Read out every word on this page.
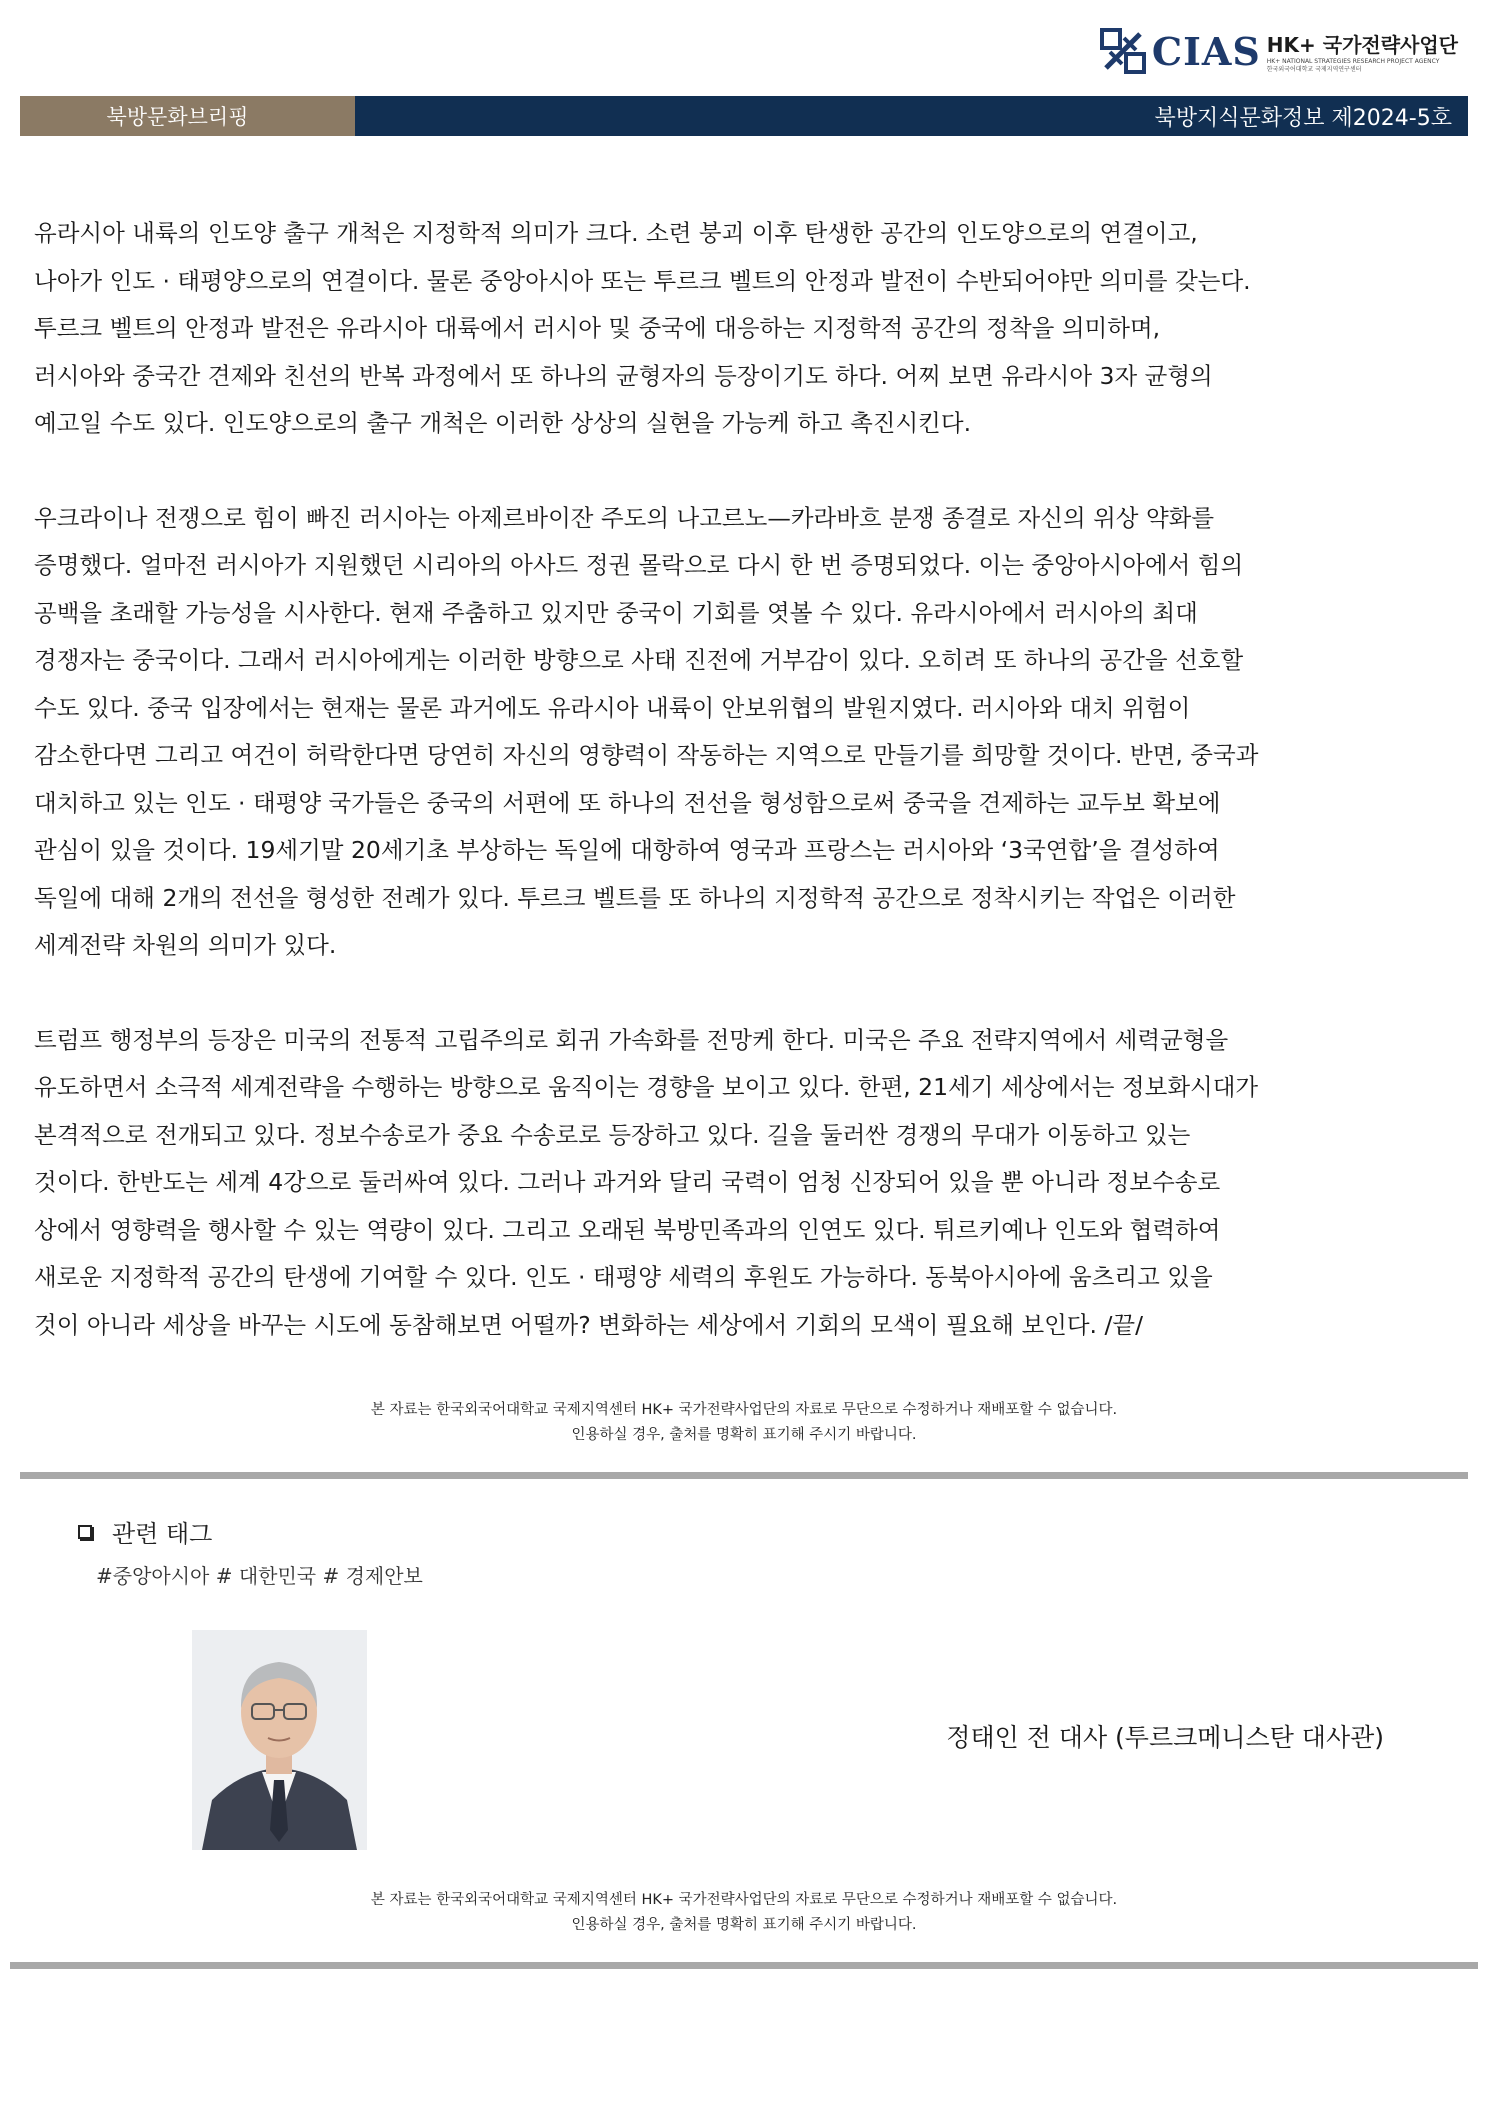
CIAS HK+ 국가전략사업단
HK+ NATIONAL STRATEGIES RESEARCH PROJECT AGENCY
한국외국어대학교 국제지역연구센터
북방문화브리핑	북방지식문화정보 제2024-5호

유라시아 내륙의 인도양 출구 개척은 지정학적 의미가 크다. 소련 붕괴 이후 탄생한 공간의 인도양으로의 연결이고,
나아가 인도 · 태평양으로의 연결이다. 물론 중앙아시아 또는 투르크 벨트의 안정과 발전이 수반되어야만 의미를 갖는다.
투르크 벨트의 안정과 발전은 유라시아 대륙에서 러시아 및 중국에 대응하는 지정학적 공간의 정착을 의미하며,
러시아와 중국간 견제와 친선의 반복 과정에서 또 하나의 균형자의 등장이기도 하다. 어찌 보면 유라시아 3자 균형의
예고일 수도 있다. 인도양으로의 출구 개척은 이러한 상상의 실현을 가능케 하고 촉진시킨다.

우크라이나 전쟁으로 힘이 빠진 러시아는 아제르바이잔 주도의 나고르노—카라바흐 분쟁 종결로 자신의 위상 약화를
증명했다. 얼마전 러시아가 지원했던 시리아의 아사드 정권 몰락으로 다시 한 번 증명되었다. 이는 중앙아시아에서 힘의
공백을 초래할 가능성을 시사한다. 현재 주춤하고 있지만 중국이 기회를 엿볼 수 있다. 유라시아에서 러시아의 최대
경쟁자는 중국이다. 그래서 러시아에게는 이러한 방향으로 사태 진전에 거부감이 있다. 오히려 또 하나의 공간을 선호할
수도 있다. 중국 입장에서는 현재는 물론 과거에도 유라시아 내륙이 안보위협의 발원지였다. 러시아와 대치 위험이
감소한다면 그리고 여건이 허락한다면 당연히 자신의 영향력이 작동하는 지역으로 만들기를 희망할 것이다. 반면, 중국과
대치하고 있는 인도 · 태평양 국가들은 중국의 서편에 또 하나의 전선을 형성함으로써 중국을 견제하는 교두보 확보에
관심이 있을 것이다. 19세기말 20세기초 부상하는 독일에 대항하여 영국과 프랑스는 러시아와 ‘3국연합’을 결성하여
독일에 대해 2개의 전선을 형성한 전례가 있다. 투르크 벨트를 또 하나의 지정학적 공간으로 정착시키는 작업은 이러한
세계전략 차원의 의미가 있다.

트럼프 행정부의 등장은 미국의 전통적 고립주의로 회귀 가속화를 전망케 한다. 미국은 주요 전략지역에서 세력균형을
유도하면서 소극적 세계전략을 수행하는 방향으로 움직이는 경향을 보이고 있다. 한편, 21세기 세상에서는 정보화시대가
본격적으로 전개되고 있다. 정보수송로가 중요 수송로로 등장하고 있다. 길을 둘러싼 경쟁의 무대가 이동하고 있는
것이다. 한반도는 세계 4강으로 둘러싸여 있다. 그러나 과거와 달리 국력이 엄청 신장되어 있을 뿐 아니라 정보수송로
상에서 영향력을 행사할 수 있는 역량이 있다. 그리고 오래된 북방민족과의 인연도 있다. 튀르키예나 인도와 협력하여
새로운 지정학적 공간의 탄생에 기여할 수 있다. 인도 · 태평양 세력의 후원도 가능하다. 동북아시아에 움츠리고 있을
것이 아니라 세상을 바꾸는 시도에 동참해보면 어떨까? 변화하는 세상에서 기회의 모색이 필요해 보인다. /끝/

본 자료는 한국외국어대학교 국제지역센터 HK+ 국가전략사업단의 자료로 무단으로 수정하거나 재배포할 수 없습니다.
인용하실 경우, 출처를 명확히 표기해 주시기 바랍니다.
관련 태그
#중앙아시아 # 대한민국 # 경제안보
정태인 전 대사 (투르크메니스탄 대사관)
본 자료는 한국외국어대학교 국제지역센터 HK+ 국가전략사업단의 자료로 무단으로 수정하거나 재배포할 수 없습니다.
인용하실 경우, 출처를 명확히 표기해 주시기 바랍니다.
